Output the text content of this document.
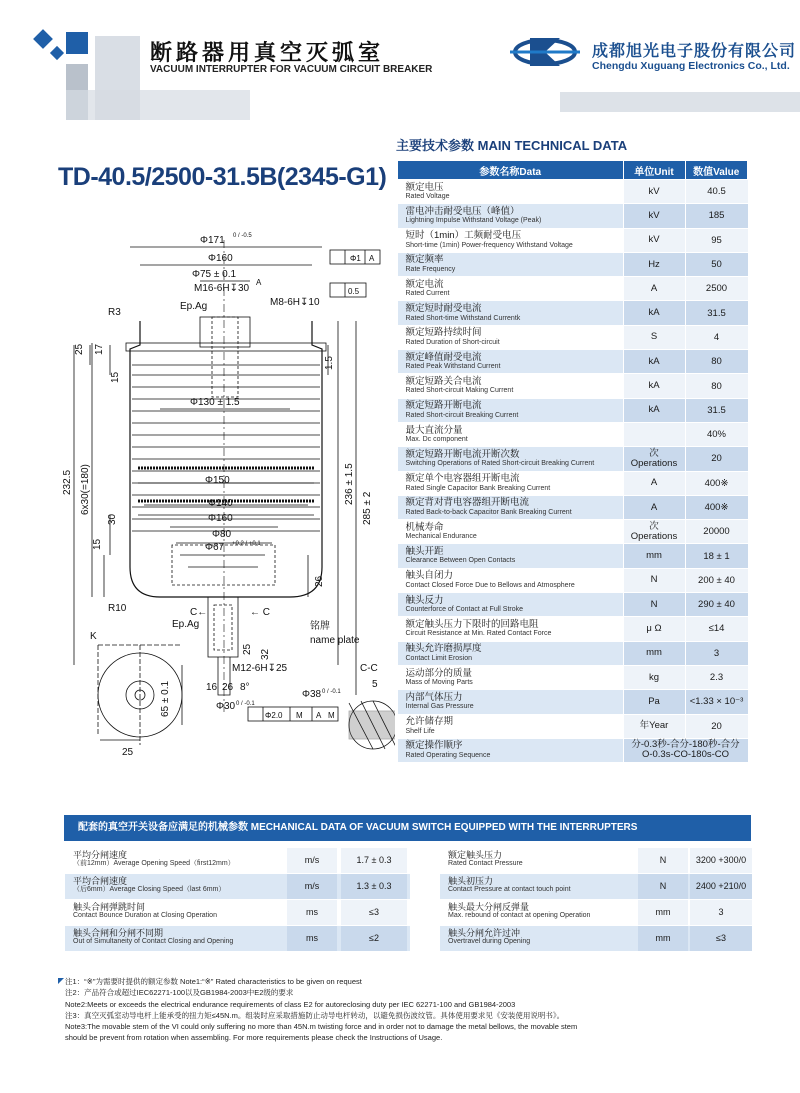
断路器用真空灭弧室
VACUUM INTERRUPTER FOR VACUUM CIRCUIT BREAKER
成都旭光电子股份有限公司
Chengdu Xuguang Electronics Co., Ltd.
TD-40.5/2500-31.5B(2345-G1)
主要技术参数 MAIN TECHNICAL DATA
参数名称Data	单位Unit	数值Value

额定电压
Rated Voltage	kV	40.5

雷电冲击耐受电压（峰值）
Lightning Impulse Withstand Voltage (Peak)	kV	185

短时（1min）工频耐受电压
Short-time (1min) Power-frequency Withstand Voltage	kV	95

额定频率
Rate Frequency	Hz	50

额定电流
Rated Current	A	2500

额定短时耐受电流
Rated Short-time Withstand Currentk	kA	31.5

额定短路持续时间
Rated Duration of Short-circuit	S	4

额定峰值耐受电流
Rated Peak Withstand Current	kA	80

额定短路关合电流
Rated Short-circuit Making Current	kA	80

额定短路开断电流
Rated Short-circuit Breaking Current	kA	31.5

最大直流分量
Max. Dc component		40%

额定短路开断电流开断次数
Switching Operations of Rated Short-circuit Breaking Current	次
Operations	20

额定单个电容器组开断电流
Rated Single Capacitor Bank Breaking Current	A	400※

额定背对背电容器组开断电流
Rated Back-to-back Capacitor Bank Breaking Current	A	400※

机械寿命
Mechanical Endurance	次
Operations	20000

触头开距
Clearance Between Open Contacts	mm	18 ± 1

触头自闭力
Contact Closed Force Due to Bellows and Atmosphere	N	200 ± 40

触头反力
Counterforce of Contact at Full Stroke	N	290 ± 40

额定触头压力下限时的回路电阻
Circuit Resistance at Min. Rated Contact Force	μ Ω	≤14

触头允许磨损厚度
Contact Limit Erosion	mm	3

运动部分的质量
Mass of Moving Parts	kg	2.3

内部气体压力
Internal Gas Pressure	Pa	<1.33 × 10⁻³

允许储存期
Shelf Life	年Year	20

额定操作顺序
Rated Operating Sequence	分-0.3秒-合分-180秒-合分
O-0.3s-CO-180s-CO	
Φ171 0 / -0.5
Φ160
Φ75 ± 0.1
M16-6H↧30
M8-6H↧10
R3
Ep.Ag
Φ130 ± 1.5
Φ150
Φ140
Φ160
Φ80
Φ67 +0.2 / +0.1
25 17
15
1.5
232.5 6x30(=180)	236 ± 1.5
285 ± 2
30
15
25 32
26
R10
Ep.Ag	铭牌
name plate
C←	← C
M12-6H↧25
K
65 ± 0.1
25
16 26 8°
Φ38 0 / -0.1
Φ30 0 / -0.1
C-C
5
Φ1 A
0.5
Φ2.0 M A M
A
配套的真空开关设备应满足的机械参数 MECHANICAL DATA OF VACUUM SWITCH EQUIPPED WITH THE INTERRUPTERS
平均分闸速度
（前12mm）Average Opening Speed（first12mm）	m/s	1.7 ± 0.3
平均合闸速度
（后6mm）Average Closing Speed（last 6mm）	m/s	1.3 ± 0.3
触头合闸弹跳时间
Contact Bounce Duration at Closing Operation	ms	≤3
触头合闸和分闸不同期
Out of Simultaneity of Contact Closing and Opening	ms	≤2
额定触头压力
Rated Contact Pressure	N	3200 +300/0
触头初压力
Contact Pressure at contact touch point	N	2400 +210/0
触头最大分闸反弹量
Max. rebound of contact at opening Operation	mm	3
触头分闸允许过冲
Overtravel during Opening	mm	≤3
注1：“※”为需要时提供的额定参数 Note1:“※” Rated characteristics to be given on request
注2：产品符合或超过IEC62271-100以及GB1984-2003中E2级的要求
Note2:Meets or exceeds the electrical endurance requirements of class E2 for autoreclosing duty per IEC 62271-100 and GB1984-2003
注3：真空灭弧室动导电杆上能承受的扭力矩≤45N.m。组装时应采取措施防止动导电杆转动，以避免损伤波纹管。具体使用要求见《安装使用说明书》。
Note3:The movable stem of the VI could only suffering no more than 45N.m twisting force and in order not to damage the metal bellows, the movable stem
should be prevent from rotation when assembling. For more requirements please check the Instructions of Usage.
